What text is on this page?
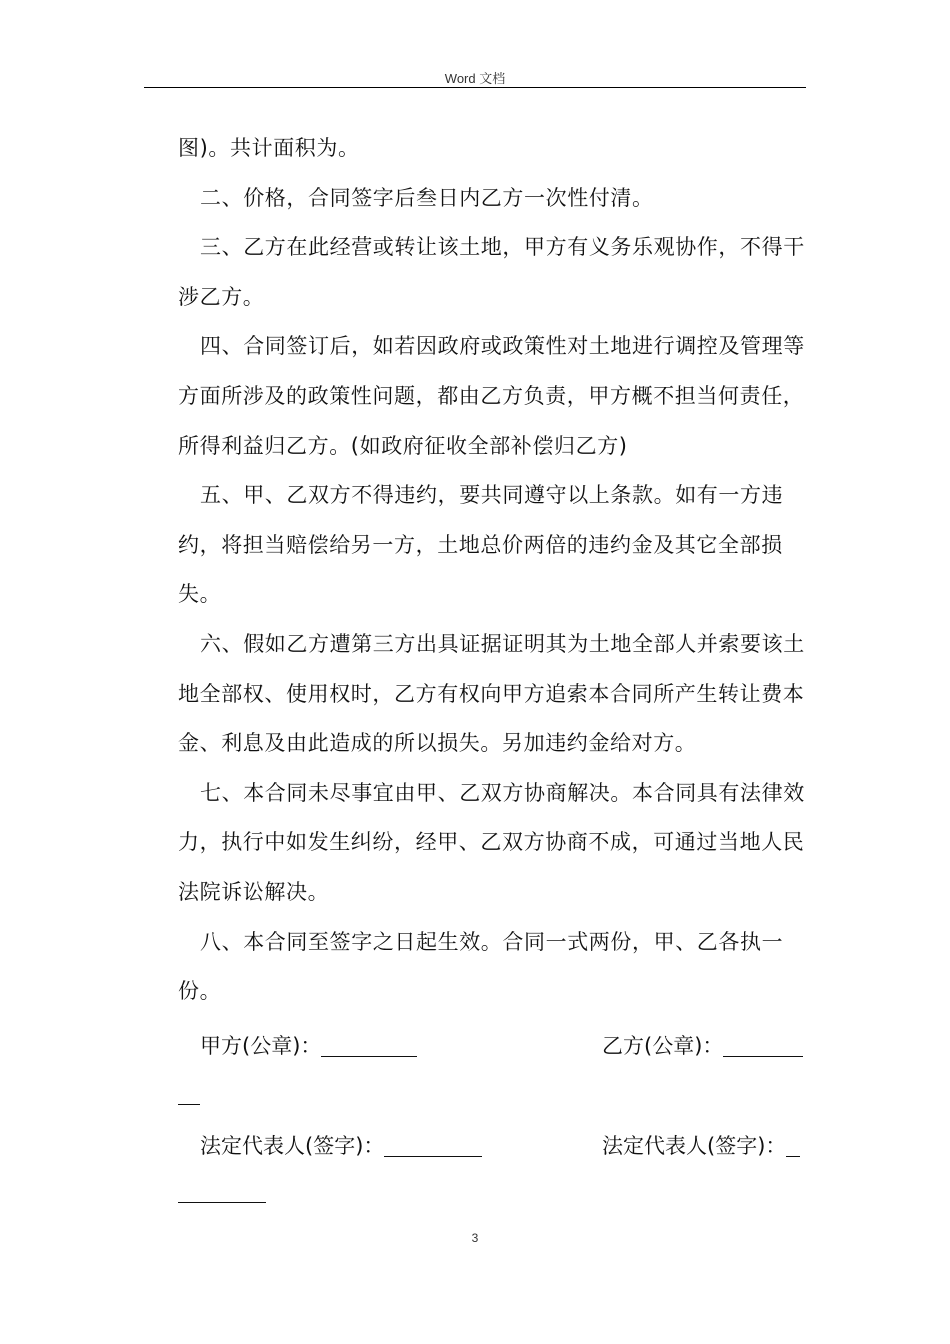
Word 文档

图)。共计面积为。

二、价格，合同签字后叁日内乙方一次性付清。

三、乙方在此经营或转让该土地，甲方有义务乐观协作，不得干涉乙方。

四、合同签订后，如若因政府或政策性对土地进行调控及管理等方面所涉及的政策性问题，都由乙方负责，甲方概不担当何责任，所得利益归乙方。(如政府征收全部补偿归乙方)

五、甲、乙双方不得违约，要共同遵守以上条款。如有一方违约，将担当赔偿给另一方，土地总价两倍的违约金及其它全部损失。

六、假如乙方遭第三方出具证据证明其为土地全部人并索要该土地全部权、使用权时，乙方有权向甲方追索本合同所产生转让费本金、利息及由此造成的所以损失。另加违约金给对方。

七、本合同未尽事宜由甲、乙双方协商解决。本合同具有法律效力，执行中如发生纠纷，经甲、乙双方协商不成，可通过当地人民法院诉讼解决。

八、本合同至签字之日起生效。合同一式两份，甲、乙各执一份。

甲方(公章)：	乙方(公章)：
法定代表人(签字)：	法定代表人(签字)：
3
